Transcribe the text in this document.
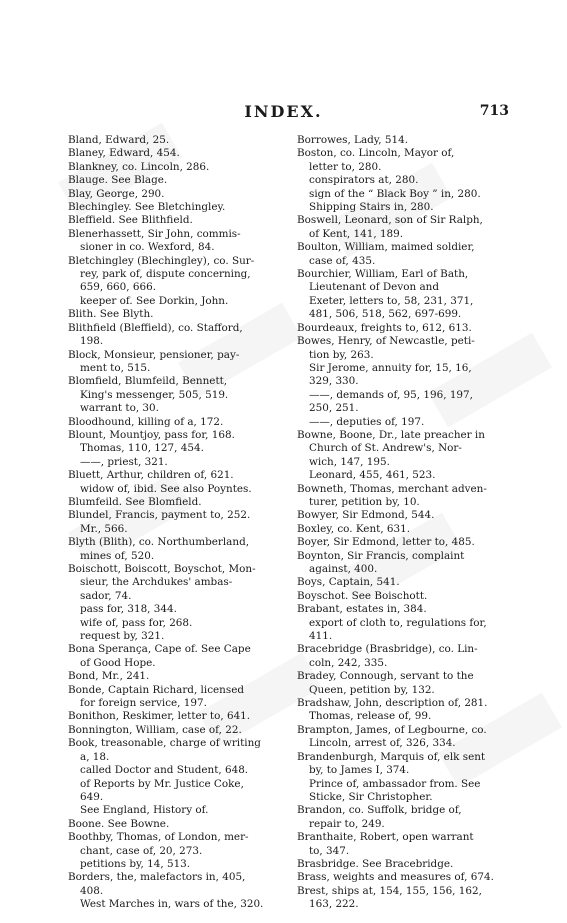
INDEX.	713
Bland, Edward, 25.
Blaney, Edward, 454.
Blankney, co. Lincoln, 286.
Blauge. See Blage.
Blay, George, 290.
Blechingley. See Bletchingley.
Bleffield. See Blithfield.
Blenerhassett, Sir John, commis-
sioner in co. Wexford, 84.
Bletchingley (Blechingley), co. Sur-
rey, park of, dispute concerning,
659, 660, 666.
keeper of. See Dorkin, John.
Blith. See Blyth.
Blithfield (Bleffield), co. Stafford,
198.
Block, Monsieur, pensioner, pay-
ment to, 515.
Blomfield, Blumfeild, Bennett,
King's messenger, 505, 519.
warrant to, 30.
Bloodhound, killing of a, 172.
Blount, Mountjoy, pass for, 168.
Thomas, 110, 127, 454.
——, priest, 321.
Bluett, Arthur, children of, 621.
widow of, ibid. See also Poyntes.
Blumfeild. See Blomfield.
Blundel, Francis, payment to, 252.
Mr., 566.
Blyth (Blith), co. Northumberland,
mines of, 520.
Boischott, Boiscott, Boyschot, Mon-
sieur, the Archdukes' ambas-
sador, 74.
pass for, 318, 344.
wife of, pass for, 268.
request by, 321.
Bona Sperança, Cape of. See Cape
of Good Hope.
Bond, Mr., 241.
Bonde, Captain Richard, licensed
for foreign service, 197.
Bonithon, Reskimer, letter to, 641.
Bonnington, William, case of, 22.
Book, treasonable, charge of writing
a, 18.
called Doctor and Student, 648.
of Reports by Mr. Justice Coke,
649.
See England, History of.
Boone. See Bowne.
Boothby, Thomas, of London, mer-
chant, case of, 20, 273.
petitions by, 14, 513.
Borders, the, malefactors in, 405,
408.
West Marches in, wars of the, 320.
Borrowes, Lady, 514.
Boston, co. Lincoln, Mayor of,
letter to, 280.
conspirators at, 280.
sign of the “ Black Boy ” in, 280.
Shipping Stairs in, 280.
Boswell, Leonard, son of Sir Ralph,
of Kent, 141, 189.
Boulton, William, maimed soldier,
case of, 435.
Bourchier, William, Earl of Bath,
Lieutenant of Devon and
Exeter, letters to, 58, 231, 371,
481, 506, 518, 562, 697-699.
Bourdeaux, freights to, 612, 613.
Bowes, Henry, of Newcastle, peti-
tion by, 263.
Sir Jerome, annuity for, 15, 16,
329, 330.
——, demands of, 95, 196, 197,
250, 251.
——, deputies of, 197.
Bowne, Boone, Dr., late preacher in
Church of St. Andrew's, Nor-
wich, 147, 195.
Leonard, 455, 461, 523.
Bowneth, Thomas, merchant adven-
turer, petition by, 10.
Bowyer, Sir Edmond, 544.
Boxley, co. Kent, 631.
Boyer, Sir Edmond, letter to, 485.
Boynton, Sir Francis, complaint
against, 400.
Boys, Captain, 541.
Boyschot. See Boischott.
Brabant, estates in, 384.
export of cloth to, regulations for,
411.
Bracebridge (Brasbridge), co. Lin-
coln, 242, 335.
Bradey, Connough, servant to the
Queen, petition by, 132.
Bradshaw, John, description of, 281.
Thomas, release of, 99.
Brampton, James, of Legbourne, co.
Lincoln, arrest of, 326, 334.
Brandenburgh, Marquis of, elk sent
by, to James I, 374.
Prince of, ambassador from. See
Sticke, Sir Christopher.
Brandon, co. Suffolk, bridge of,
repair to, 249.
Branthaite, Robert, open warrant
to, 347.
Brasbridge. See Bracebridge.
Brass, weights and measures of, 674.
Brest, ships at, 154, 155, 156, 162,
163, 222.
